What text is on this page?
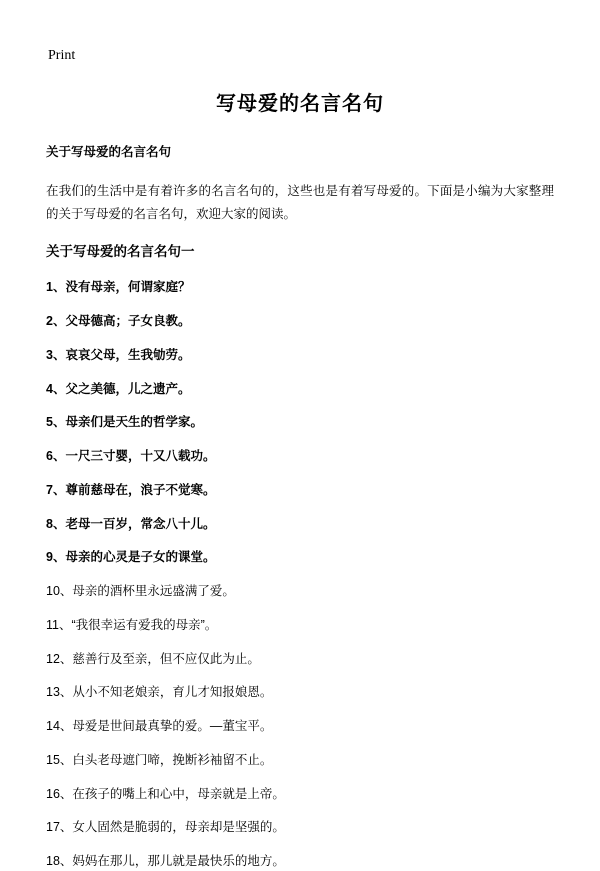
Print
写母爱的名言名句

关于写母爱的名言名句

在我们的生活中是有着许多的名言名句的，这些也是有着写母爱的。下面是小编为大家整理的关于写母爱的名言名句，欢迎大家的阅读。

关于写母爱的名言名句一
1、没有母亲，何谓家庭？
2、父母德高；子女良教。
3、哀哀父母，生我劬劳。
4、父之美德，儿之遗产。
5、母亲们是天生的哲学家。
6、一尺三寸婴，十又八载功。
7、尊前慈母在，浪子不觉寒。
8、老母一百岁，常念八十儿。
9、母亲的心灵是子女的课堂。
10、母亲的酒杯里永远盛满了爱。
11、“我很幸运有爱我的母亲”。
12、慈善行及至亲，但不应仅此为止。
13、从小不知老娘亲，育儿才知报娘恩。
14、母爱是世间最真挚的爱。—董宝平。
15、白头老母遮门啼，挽断衫袖留不止。
16、在孩子的嘴上和心中，母亲就是上帝。
17、女人固然是脆弱的，母亲却是坚强的。
18、妈妈在那儿，那儿就是最快乐的地方。
